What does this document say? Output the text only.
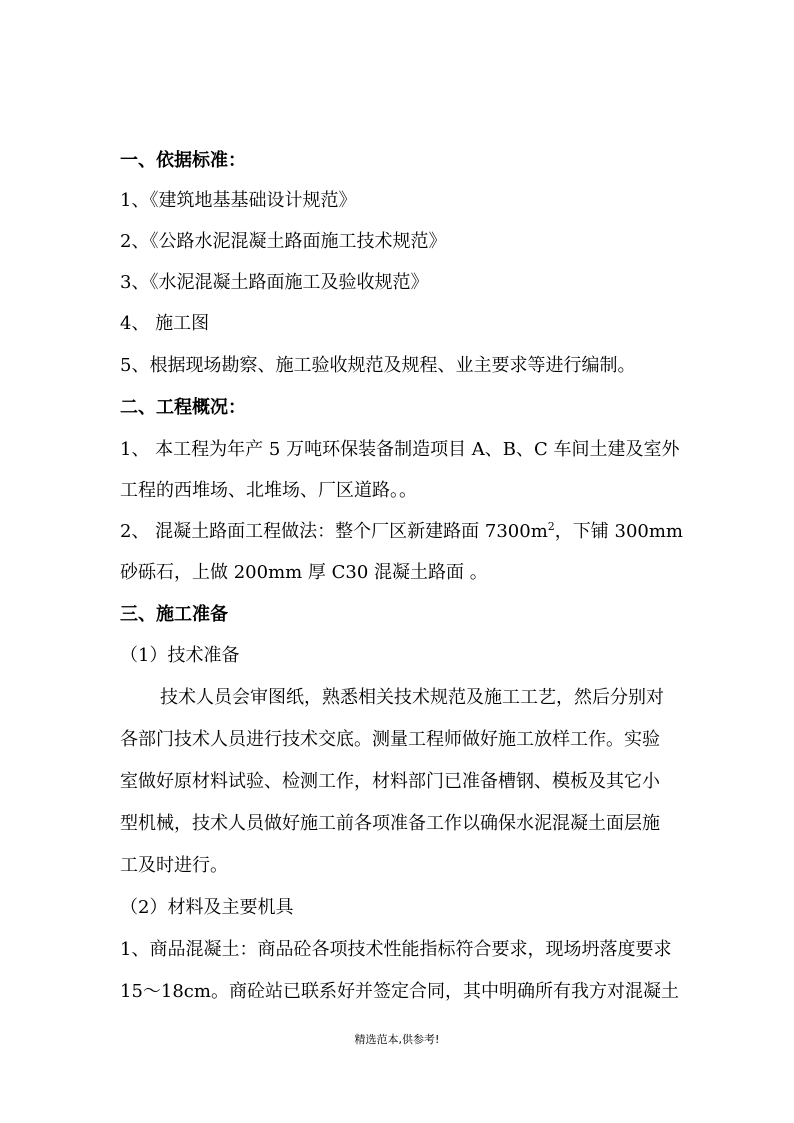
一、依据标准：
1、《建筑地基基础设计规范》
2、《公路水泥混凝土路面施工技术规范》
3、《水泥混凝土路面施工及验收规范》
4、 施工图
5、根据现场勘察、施工验收规范及规程、业主要求等进行编制。
二、工程概况：
1、 本工程为年产 5 万吨环保装备制造项目 A、B、C 车间土建及室外
工程的西堆场、北堆场、厂区道路。。
2、 混凝土路面工程做法：整个厂区新建路面 $7300m^2$，下铺 300mm
砂砾石，上做 200mm 厚 C30 混凝土路面 。
三、施工准备
（1）技术准备
技术人员会审图纸，熟悉相关技术规范及施工工艺，然后分别对
各部门技术人员进行技术交底。测量工程师做好施工放样工作。实验
室做好原材料试验、检测工作，材料部门已准备槽钢、模板及其它小
型机械，技术人员做好施工前各项准备工作以确保水泥混凝土面层施
工及时进行。
（2）材料及主要机具
1、商品混凝土：商品砼各项技术性能指标符合要求，现场坍落度要求
15～18cm。商砼站已联系好并签定合同，其中明确所有我方对混凝土
精选范本,供参考!
